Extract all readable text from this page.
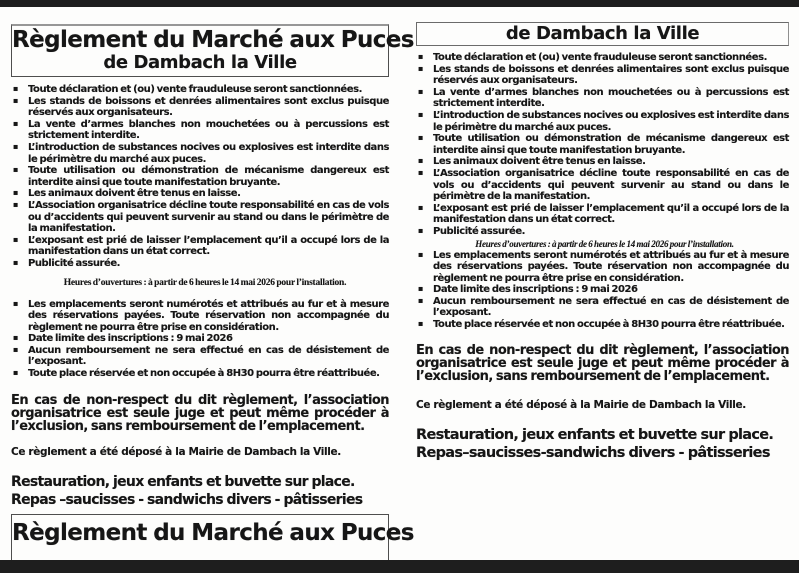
Règlement du Marché aux Puces
de Dambach la Ville
▪ Toute déclaration et (ou) vente frauduleuse seront sanctionnées.
▪ Les stands de boissons et denrées alimentaires sont exclus puisque réservés aux organisateurs.
▪ La vente d’armes blanches non mouchetées ou à percussions est strictement interdite.
▪ L’introduction de substances nocives ou explosives est interdite dans le périmètre du marché aux puces.
▪ Toute utilisation ou démonstration de mécanisme dangereux est interdite ainsi que toute manifestation bruyante.
▪ Les animaux doivent être tenus en laisse.
▪ L’Association organisatrice décline toute responsabilité en cas de vols ou d’accidents qui peuvent survenir au stand ou dans le périmètre de la manifestation.
▪ L’exposant est prié de laisser l’emplacement qu’il a occupé lors de la manifestation dans un état correct.
▪ Publicité assurée.
Heures d’ouvertures : à partir de 6 heures le 14 mai 2026 pour l’installation.
▪ Les emplacements seront numérotés et attribués au fur et à mesure des réservations payées. Toute réservation non accompagnée du règlement ne pourra être prise en considération.
▪ Date limite des inscriptions : 9 mai 2026
▪ Aucun remboursement ne sera effectué en cas de désistement de l’exposant.
▪ Toute place réservée et non occupée à 8H30 pourra être réattribuée.

En cas de non-respect du dit règlement, l’association organisatrice est seule juge et peut même procéder à l’exclusion, sans remboursement de l’emplacement.

Ce règlement a été déposé à la Mairie de Dambach la Ville.

Restauration, jeux enfants et buvette sur place.

Repas –saucisses - sandwichs divers - pâtisseries

Règlement du Marché aux Puces
de Dambach la Ville
▪ Toute déclaration et (ou) vente frauduleuse seront sanctionnées.
▪ Les stands de boissons et denrées alimentaires sont exclus puisque réservés aux organisateurs.
▪ La vente d’armes blanches non mouchetées ou à percussions est strictement interdite.
▪ L’introduction de substances nocives ou explosives est interdite dans le périmètre du marché aux puces.
▪ Toute utilisation ou démonstration de mécanisme dangereux est interdite ainsi que toute manifestation bruyante.
▪ Les animaux doivent être tenus en laisse.
▪ L’Association organisatrice décline toute responsabilité en cas de vols ou d’accidents qui peuvent survenir au stand ou dans le périmètre de la manifestation.
▪ L’exposant est prié de laisser l’emplacement qu’il a occupé lors de la manifestation dans un état correct.
▪ Publicité assurée.
Heures d’ouvertures : à partir de 6 heures le 14 mai 2026 pour l’installation.
▪ Les emplacements seront numérotés et attribués au fur et à mesure des réservations payées. Toute réservation non accompagnée du règlement ne pourra être prise en considération.
▪ Date limite des inscriptions : 9 mai 2026
▪ Aucun remboursement ne sera effectué en cas de désistement de l’exposant.
▪ Toute place réservée et non occupée à 8H30 pourra être réattribuée.

En cas de non-respect du dit règlement, l’association organisatrice est seule juge et peut même procéder à l’exclusion, sans remboursement de l’emplacement.

Ce règlement a été déposé à la Mairie de Dambach la Ville.

Restauration, jeux enfants et buvette sur place.

Repas–saucisses-sandwichs divers - pâtisseries
